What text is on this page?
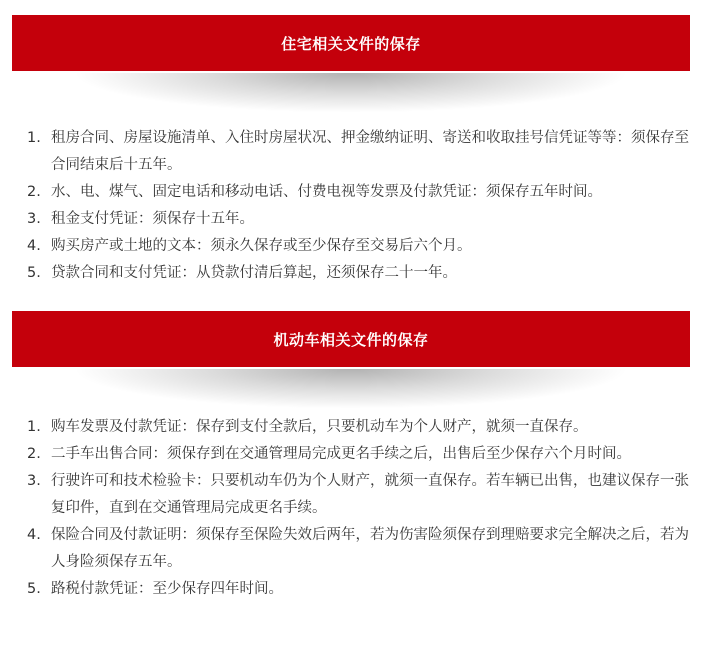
住宅相关文件的保存
1. 租房合同、房屋设施清单、入住时房屋状况、押金缴纳证明、寄送和收取挂号信凭证等等：须保存至合同结束后十五年。
2. 水、电、煤气、固定电话和移动电话、付费电视等发票及付款凭证：须保存五年时间。
3. 租金支付凭证：须保存十五年。
4. 购买房产或土地的文本：须永久保存或至少保存至交易后六个月。
5. 贷款合同和支付凭证：从贷款付清后算起，还须保存二十一年。
机动车相关文件的保存
1. 购车发票及付款凭证：保存到支付全款后，只要机动车为个人财产，就须一直保存。
2. 二手车出售合同：须保存到在交通管理局完成更名手续之后，出售后至少保存六个月时间。
3. 行驶许可和技术检验卡：只要机动车仍为个人财产，就须一直保存。若车辆已出售，也建议保存一张复印件，直到在交通管理局完成更名手续。
4. 保险合同及付款证明：须保存至保险失效后两年，若为伤害险须保存到理赔要求完全解决之后，若为人身险须保存五年。
5. 路税付款凭证：至少保存四年时间。
